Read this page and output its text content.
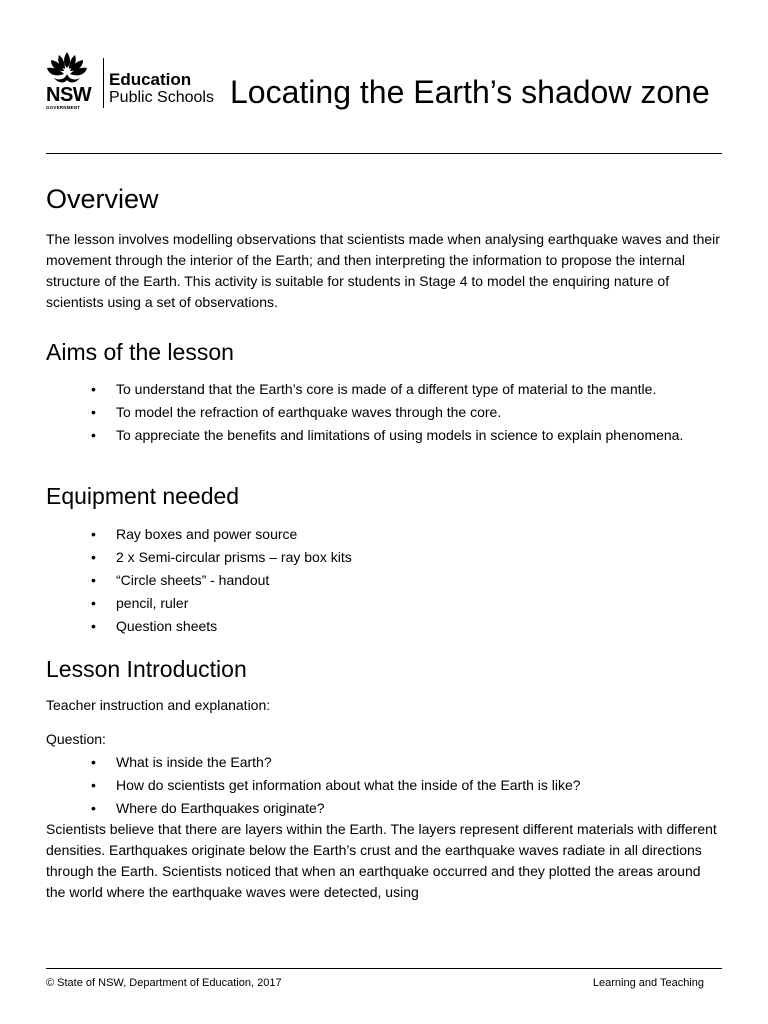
NSW
GOVERNMENT
Education
Public Schools Locating the Earth’s shadow zone
Overview

The lesson involves modelling observations that scientists made when analysing earthquake waves and their movement through the interior of the Earth; and then interpreting the information to propose the internal structure of the Earth. This activity is suitable for students in Stage 4 to model the enquiring nature of scientists using a set of observations.

Aims of the lesson
• To understand that the Earth’s core is made of a different type of material to the mantle.
• To model the refraction of earthquake waves through the core.
• To appreciate the benefits and limitations of using models in science to explain phenomena.
Equipment needed
• Ray boxes and power source
• 2 x Semi-circular prisms – ray box kits
• “Circle sheets” - handout
• pencil, ruler
• Question sheets
Lesson Introduction

Teacher instruction and explanation:

Question:

• What is inside the Earth?
• How do scientists get information about what the inside of the Earth is like?
• Where do Earthquakes originate?

Scientists believe that there are layers within the Earth. The layers represent different materials with different densities. Earthquakes originate below the Earth’s crust and the earthquake waves radiate in all directions through the Earth. Scientists noticed that when an earthquake occurred and they plotted the areas around the world where the earthquake waves were detected, using

© State of NSW, Department of Education, 2017	Learning and Teaching
